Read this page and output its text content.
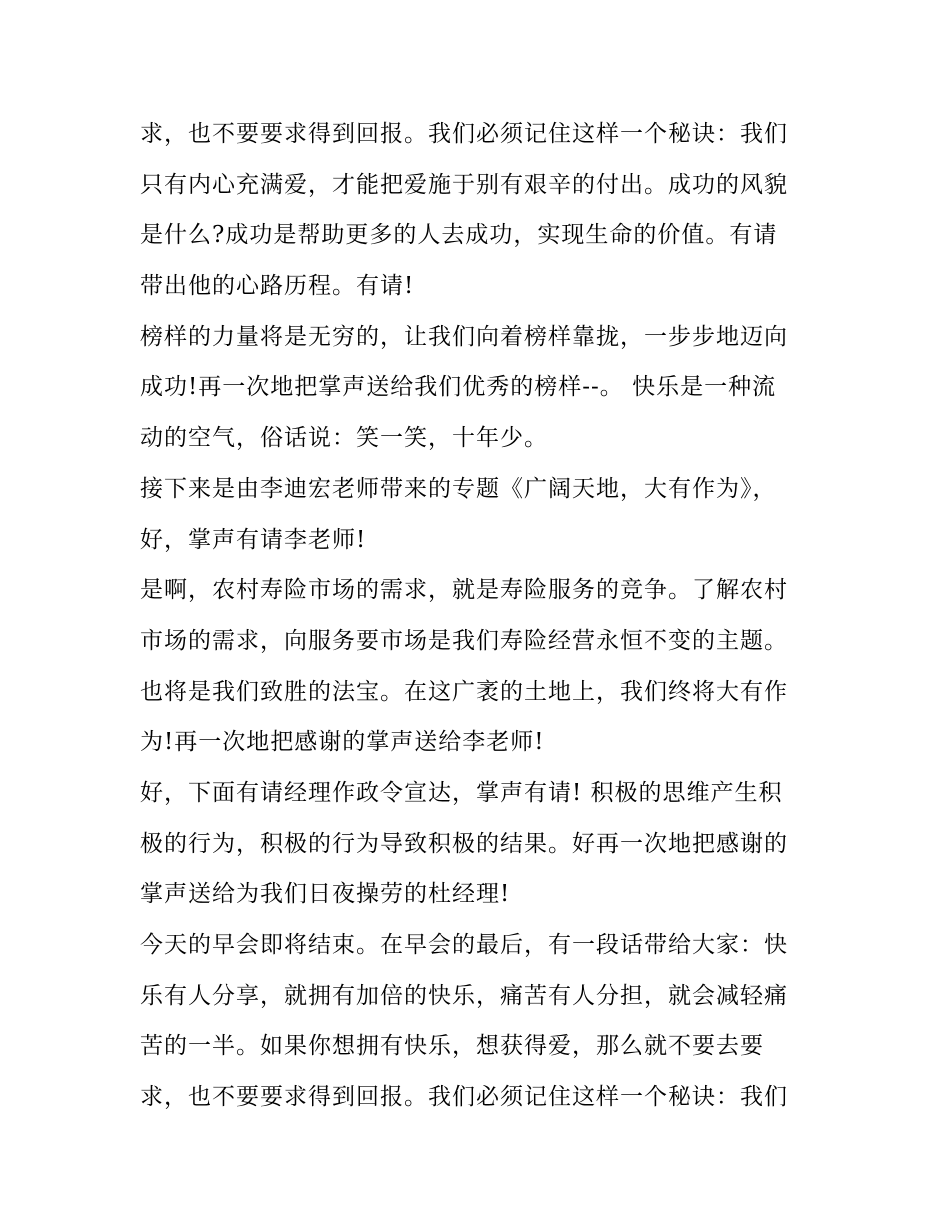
求，也不要要求得到回报。我们必须记住这样一个秘诀：我们
只有内心充满爱，才能把爱施于别有艰辛的付出。成功的风貌
是什么?成功是帮助更多的人去成功，实现生命的价值。有请
带出他的心路历程。有请!
榜样的力量将是无穷的，让我们向着榜样靠拢，一步步地迈向
成功!再一次地把掌声送给我们优秀的榜样--。 快乐是一种流
动的空气，俗话说：笑一笑，十年少。
接下来是由李迪宏老师带来的专题《广阔天地，大有作为》，
好，掌声有请李老师!
是啊，农村寿险市场的需求，就是寿险服务的竞争。了解农村
市场的需求，向服务要市场是我们寿险经营永恒不变的主题。
也将是我们致胜的法宝。在这广袤的土地上，我们终将大有作
为!再一次地把感谢的掌声送给李老师!
好，下面有请经理作政令宣达，掌声有请! 积极的思维产生积
极的行为，积极的行为导致积极的结果。好再一次地把感谢的
掌声送给为我们日夜操劳的杜经理!
今天的早会即将结束。在早会的最后，有一段话带给大家：快
乐有人分享，就拥有加倍的快乐，痛苦有人分担，就会减轻痛
苦的一半。如果你想拥有快乐，想获得爱，那么就不要去要
求，也不要要求得到回报。我们必须记住这样一个秘诀：我们
